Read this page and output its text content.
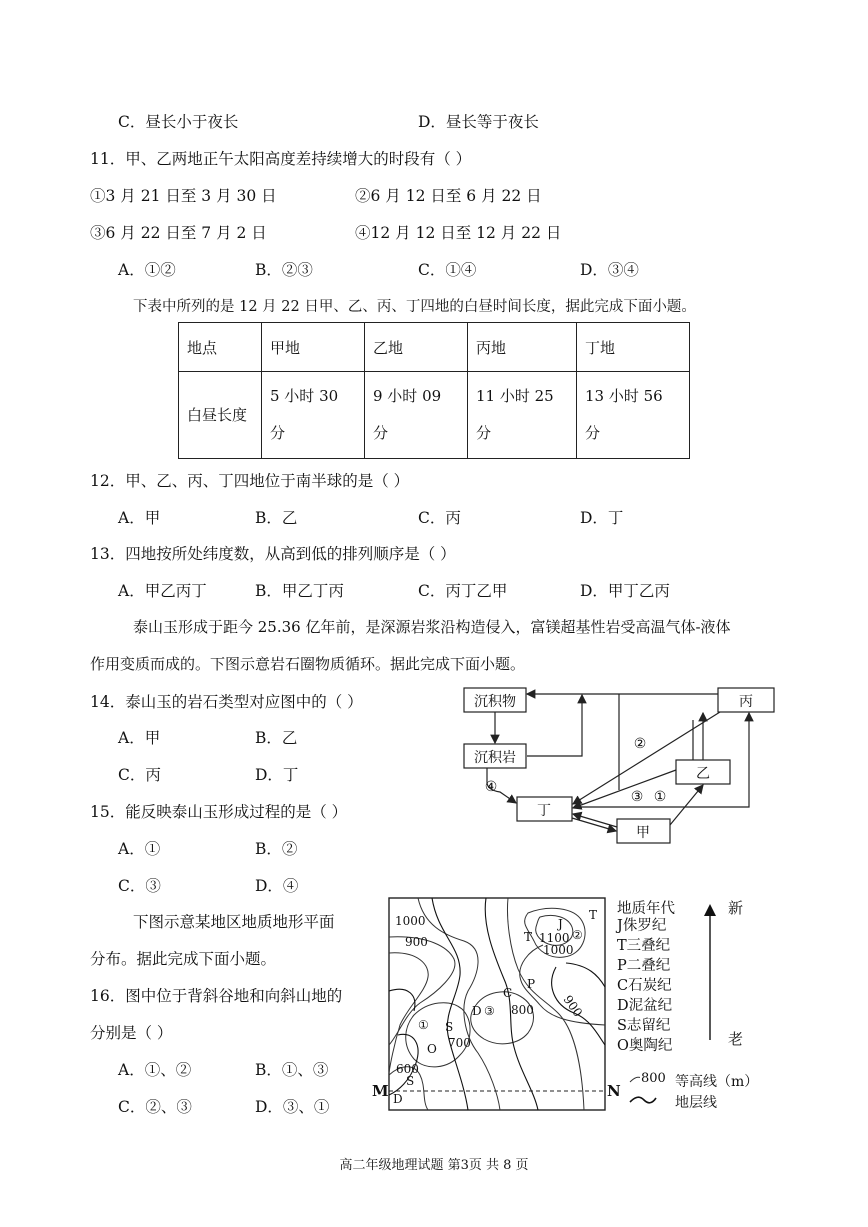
C．昼长小于夜长	D．昼长等于夜长
11．甲、乙两地正午太阳高度差持续增大的时段有（ ）
①3 月 21 日至 3 月 30 日	②6 月 12 日至 6 月 22 日
③6 月 22 日至 7 月 2 日	④12 月 12 日至 12 月 22 日
A．①②	B．②③	C．①④	D．③④
下表中所列的是 12 月 22 日甲、乙、丙、丁四地的白昼时间长度，据此完成下面小题。
地点	甲地	乙地	丙地	丁地
白昼长度	5 小时 30 分	9 小时 09 分	11 小时 25 分	13 小时 56 分
12．甲、乙、丙、丁四地位于南半球的是（ ）
A．甲	B．乙	C．丙	D．丁
13．四地按所处纬度数，从高到低的排列顺序是（ ）
A．甲乙丙丁	B．甲乙丁丙	C．丙丁乙甲	D．甲丁乙丙
泰山玉形成于距今 25.36 亿年前，是深源岩浆沿构造侵入，富镁超基性岩受高温气体-液体
作用变质而成的。下图示意岩石圈物质循环。据此完成下面小题。
14．泰山玉的岩石类型对应图中的（ ）
A．甲	B．乙
C．丙	D．丁
15．能反映泰山玉形成过程的是（ ）
A．①	B．②
C．③	D．④
沉积物
沉积岩
丙
乙
丁
甲
②
③ ①
④
下图示意某地区地质地形平面
分布。据此完成下面小题。
16．图中位于背斜谷地和向斜山地的
分别是（ ）
A．①、②	B．①、③
C．②、③	D．③、①
1000
900	1100
1000
900
800
700
600
J
T
T
C
P
D
D
S
S
O
①
②
③
M	N
地质年代	新
J侏罗纪
T三叠纪
P二叠纪
C石炭纪
D泥盆纪
S志留纪
O奥陶纪	老
800 等高线（m）
地层线
高二年级地理试题 第3页 共 8 页
